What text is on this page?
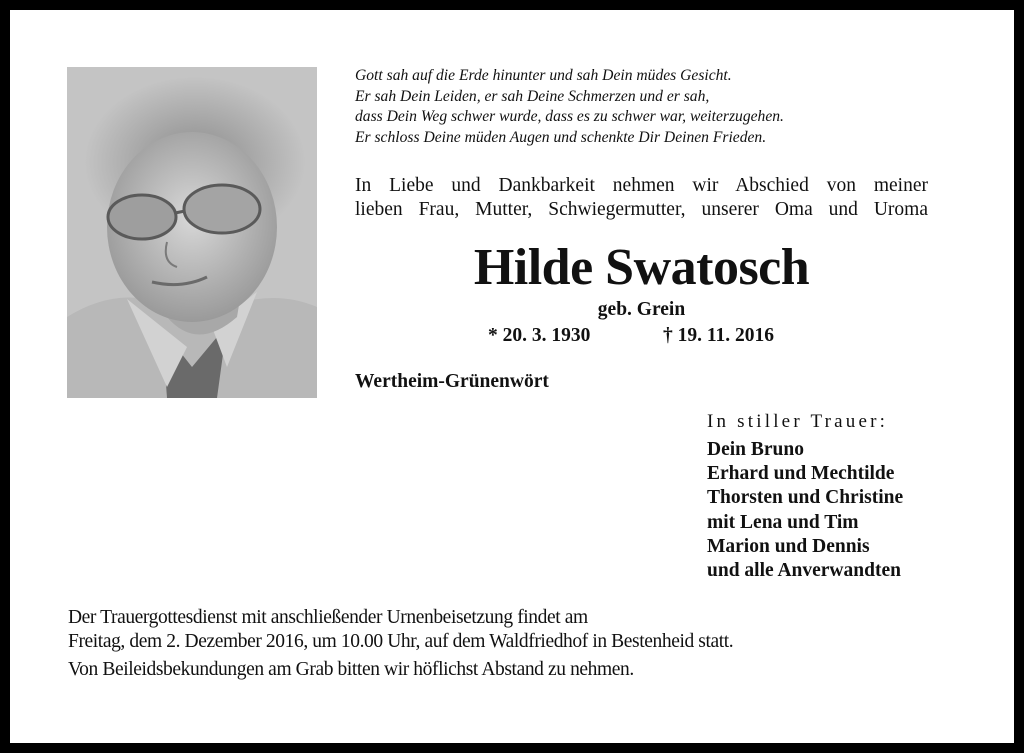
Gott sah auf die Erde hinunter und sah Dein müdes Gesicht.
Er sah Dein Leiden, er sah Deine Schmerzen und er sah,
dass Dein Weg schwer wurde, dass es zu schwer war, weiterzugehen.
Er schloss Deine müden Augen und schenkte Dir Deinen Frieden.
In Liebe und Dankbarkeit nehmen wir Abschied von meiner
lieben Frau, Mutter, Schwiegermutter, unserer Oma und Uroma
Hilde Swatosch
geb. Grein
* 20. 3. 1930	† 19. 11. 2016
Wertheim-Grünenwört
In stiller Trauer:
Dein Bruno
Erhard und Mechtilde
Thorsten und Christine
mit Lena und Tim
Marion und Dennis
und alle Anverwandten
Der Trauergottesdienst mit anschließender Urnenbeisetzung findet am
Freitag, dem 2. Dezember 2016, um 10.00 Uhr, auf dem Waldfriedhof in Bestenheid statt.
Von Beileidsbekundungen am Grab bitten wir höflichst Abstand zu nehmen.
